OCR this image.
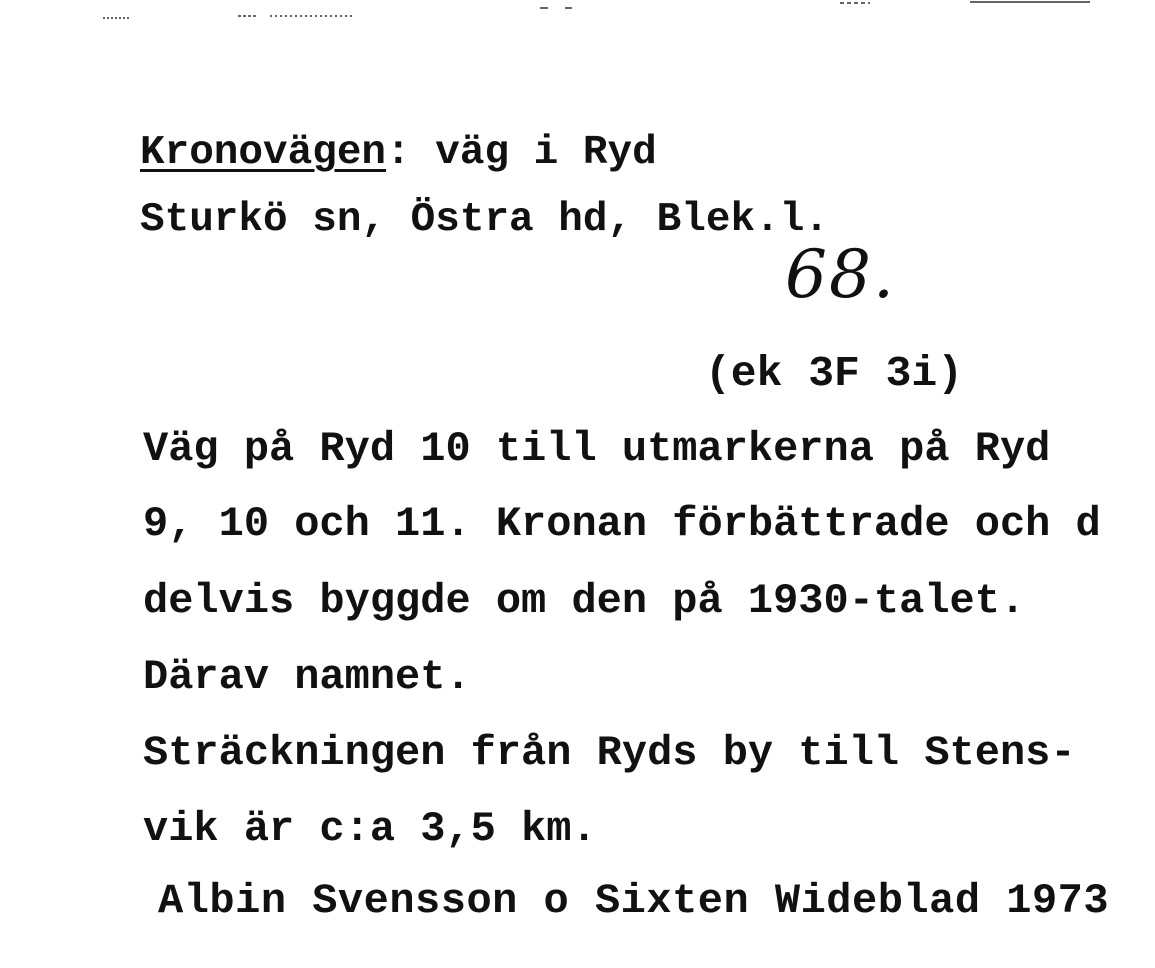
Kronovägen: väg i Ryd
Sturkö sn, Östra hd, Blek.l.
68.
(ek 3F 3i)
Väg på Ryd 10 till utmarkerna på Ryd
9, 10 och 11. Kronan förbättrade och d
delvis byggde om den på 1930-talet.
Därav namnet.
Sträckningen från Ryds by till Stens-
vik är c:a 3,5 km.
Albin Svensson o Sixten Wideblad 1973
